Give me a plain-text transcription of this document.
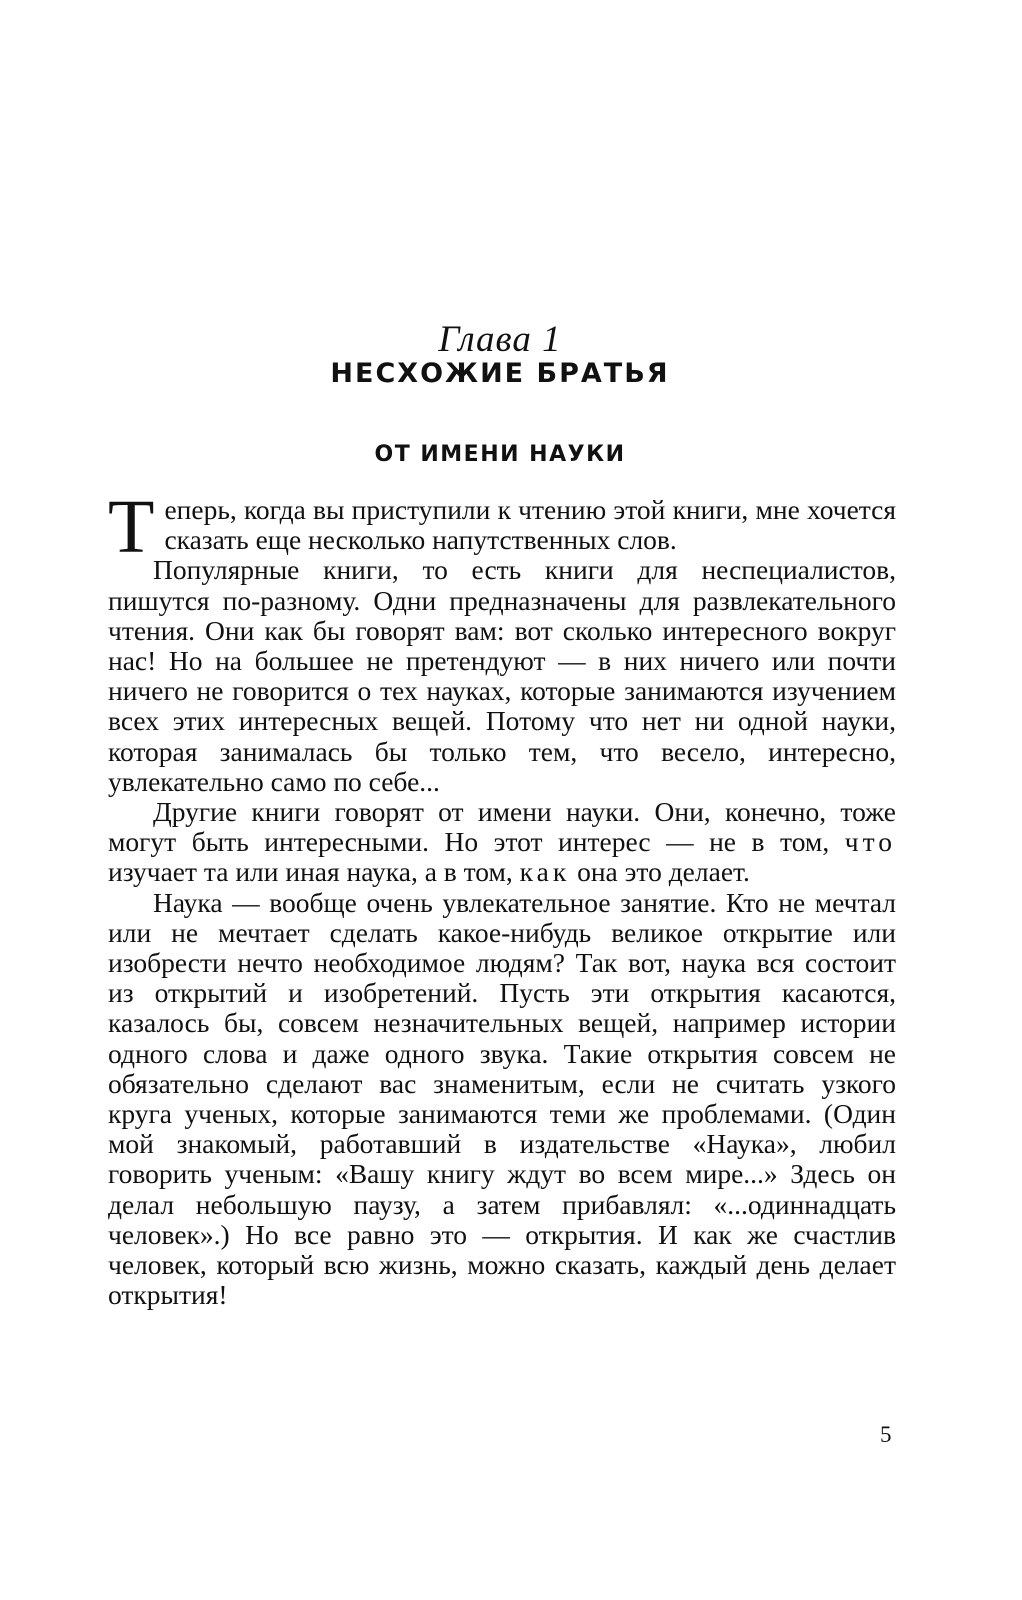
Глава 1
НЕСХОЖИЕ БРАТЬЯ
ОТ ИМЕНИ НАУКИ

Теперь, когда вы приступили к чтению этой книги, мне хочется сказать еще несколько напутственных слов.

Популярные книги, то есть книги для неспециалистов, пишутся по-разному. Одни предназначены для развлекательного чтения. Они как бы говорят вам: вот сколько интересного вокруг нас! Но на большее не претендуют — в них ничего или почти ничего не говорится о тех науках, которые занимаются изучением всех этих интересных вещей. Потому что нет ни одной науки, которая занималась бы только тем, что весело, интересно, увлекательно само по себе...

Другие книги говорят от имени науки. Они, конечно, тоже могут быть интересными. Но этот интерес — не в том, что изучает та или иная наука, а в том, как она это делает.

Наука — вообще очень увлекательное занятие. Кто не мечтал или не мечтает сделать какое-нибудь великое открытие или изобрести нечто необходимое людям? Так вот, наука вся состоит из открытий и изобретений. Пусть эти открытия касаются, казалось бы, совсем незначительных вещей, например истории одного слова и даже одного звука. Такие открытия совсем не обязательно сделают вас знаменитым, если не считать узкого круга ученых, которые занимаются теми же проблемами. (Один мой знакомый, работавший в издательстве «Наука», любил говорить ученым: «Вашу книгу ждут во всем мире...» Здесь он делал небольшую паузу, а затем прибавлял: «...одиннадцать человек».) Но все равно это — открытия. И как же счастлив человек, который всю жизнь, можно сказать, каждый день делает открытия!

5
